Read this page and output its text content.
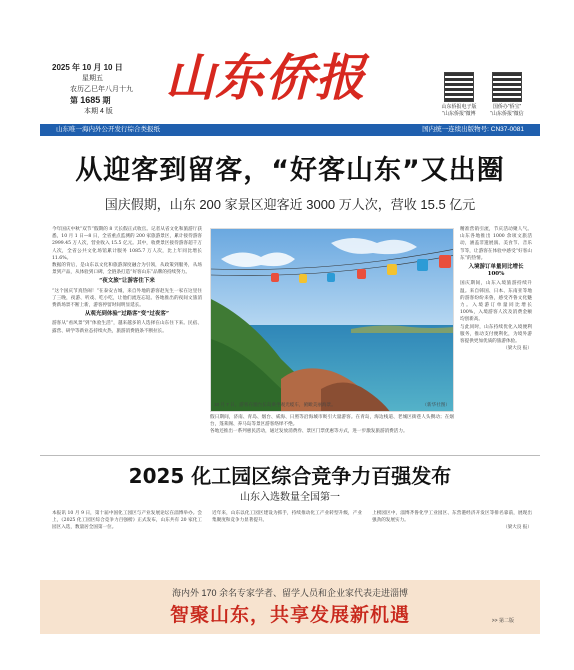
2025 年 10 月 10 日
星期五
农历乙巳年八月十九
第 1685 期
本期 4 版
山东侨报	山东侨报电子版
“山东侨报”微博
国侨办“侨宝”
“山东侨报”微信
山东唯一海内外公开发行综合类报纸	国内统一连续出版物号: CN37-0081
从迎客到留客，“好客山东”又出圈
国庆假期，山东 200 家景区迎客近 3000 万人次，营收 15.5 亿元

今年国庆中秋“双节”假期的 8 天长假正式收官。记者从省文化和旅游厅获悉，10 月 1 日—8 日，全省重点监测的 200 家旅游景区，累计接待游客 2999.45 万人次，营业收入 15.5 亿元。其中，收费景区接待游客超千万人次，全省公共文化场馆累计服务 1085.7 万人次，比上年同比增长 11.6%。

数据的背后，是山东以文化和旅游深度融合为引领，从政策到服务，从场景到产品，从体验到口碑，全链条打造“好客山东”品牌的持续努力。

“夜文旅”让游客住下来

“这个国庆节真热闹！”在泰安古城，来自外地的游客赵先生一家在这里住了三晚，夜游、听戏、吃小吃，让他们流连忘返。各地推出的夜间文旅消费新场景不断上新，游客停留时间明显延长。

从观光到体验“过路客”变“过夜客”

游客从“看风景”到“体验生活”，越来越多的人选择在山东住下来。民宿、露营、研学等新业态持续火热，旅游消费链条不断拉长。

10 月 7 日，游客在烟台长岛乘坐观光缆车，俯瞰美丽海景。	（新华社图）

假日期间，济南、青岛、烟台、威海、日照等沿海城市吸引大量游客。在青岛，海边栈道、老城区街巷人头攒动；在烟台，蓬莱阁、养马岛等景区游客络绎不绝。

各地还推出一系列惠民活动，通过发放消费券、景区门票优惠等方式，进一步激发旅游消费活力。

精准营销引流，节庆活动聚人气。山东各地推出 1000 余项文旅活动，涵盖非遗展演、美食节、音乐节等，让游客在体验中感受“好客山东”的热情。

入境游订单量同比增长 100%

国庆期间，山东入境旅游持续升温。来自韩国、日本、东南亚等地的游客纷纷来鲁，感受齐鲁文化魅力。入境游订单量同比增长 100%，入境游客人次及消费金额均创新高。

与此同时，山东持续优化入境便利服务，推动支付便利化，为境外游客提供更加优质的旅游体验。

（梁大良 报）

2025 化工园区综合竞争力百强发布
山东入选数量全国第一

本报讯 10 月 9 日，第十届中国化工园区与产业发展论坛在淄博举办。会上，《2025 化工园区综合竞争力百强榜》正式发布，山东共有 20 家化工园区入选，数量居全国第一位。

近年来，山东以化工园区建设为抓手，持续推动化工产业转型升级，产业集聚度和竞争力显著提升。

上榜园区中，淄博齐鲁化学工业园区、东营港经济开发区等排名靠前，展现出强劲的发展实力。

（梁大良 报）

海内外 170 余名专家学者、留学人员和企业家代表走进淄博
智聚山东，共享发展新机遇	>> 第二版
